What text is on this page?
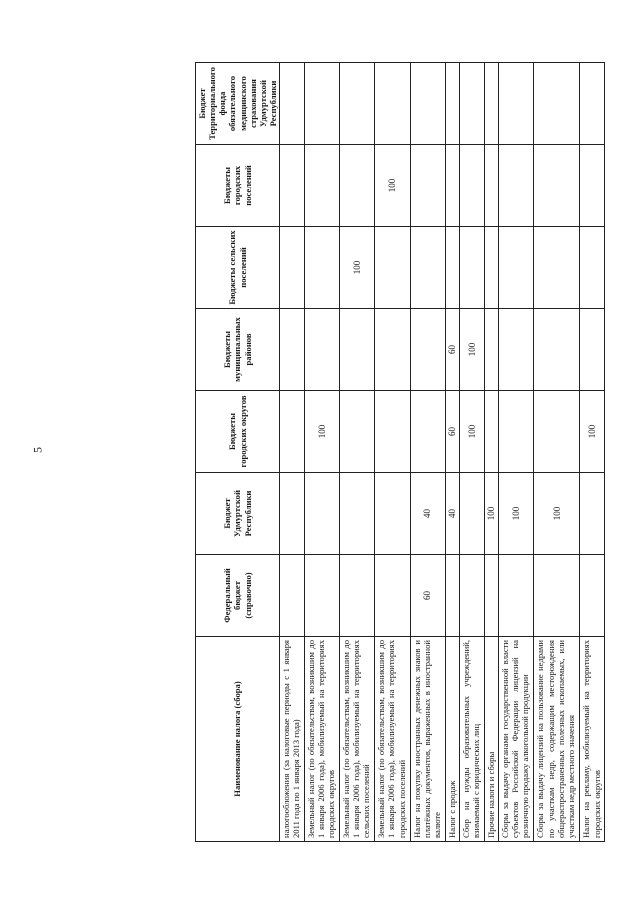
5
Наименование налога (сбора)	Федеральный бюджет (справочно)	Бюджет Удмуртской Республики	Бюджеты городских округов	Бюджеты муниципальных районов	Бюджеты сельских поселений	Бюджеты городских поселений	Бюджет Территориального фонда обязательного медицинского страхования Удмуртской Республики
налогообложения (за налоговые периоды с 1 января 2011 года по 1 января 2013 года)							
Земельный налог (по обязательствам, возникшим до 1 января 2006 года), мобилизуемый на территориях городских округов			100				
Земельный налог (по обязательствам, возникшим до 1 января 2006 года), мобилизуемый на территориях сельских поселений					100		
Земельный налог (по обязательствам, возникшим до 1 января 2006 года), мобилизуемый на территориях городских поселений						100	
Налог на покупку иностранных денежных знаков и платёжных документов, выраженных в иностранной валюте	60	40					
Налог с продаж		40	60	60			
Сбор на нужды образовательных учреждений, взимаемый с юридических лиц			100	100			
Прочие налоги и сборы		100					
Сборы за выдачу органами государственной власти субъектов Российской Федерации лицензий на розничную продажу алкогольной продукции		100					
Сборы за выдачу лицензий на пользование недрами по участкам недр, содержащим месторождения общераспространенных полезных ископаемых, или участкам недр местного значения		100					
Налог на рекламу, мобилизуемый на территориях городских округов			100				
